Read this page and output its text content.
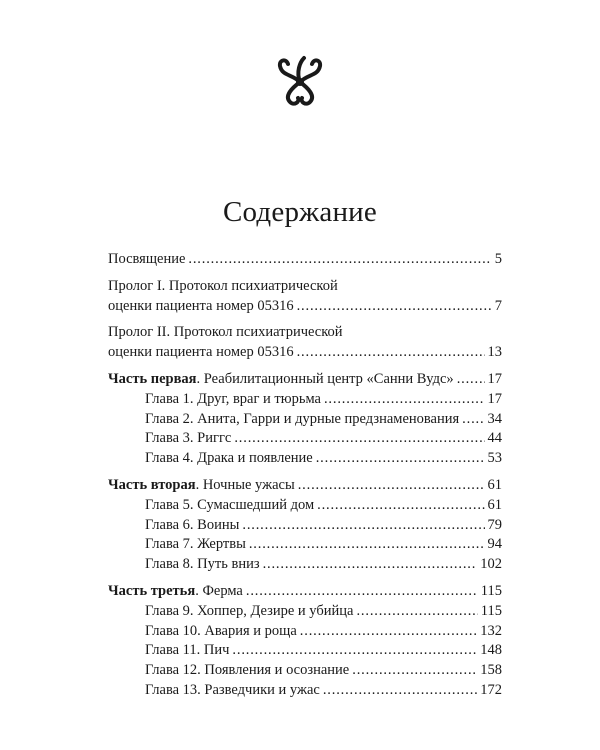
Содержание
Посвящение . . .	5
Пролог I. Протокол психиатрической
оценки пациента номер 05316 . . .	7
Пролог II. Протокол психиатрической
оценки пациента номер 05316 . . .	13
Часть первая. Реабилитационный центр «Санни Вудс» . . . 17
Глава 1. Друг, враг и тюрьма . . .	17
Глава 2. Анита, Гарри и дурные предзнаменования . . . 34
Глава 3. Риггс . . .	44
Глава 4. Драка и появление . . .	53
Часть вторая. Ночные ужасы . . .	61
Глава 5. Сумасшедший дом . . .	61
Глава 6. Воины . . .	79
Глава 7. Жертвы . . .	94
Глава 8. Путь вниз . . .	102
Часть третья. Ферма . . .	115
Глава 9. Хоппер, Дезире и убийца . . .	115
Глава 10. Авария и роща . . .	132
Глава 11. Пич . . .	148
Глава 12. Появления и осознание . . .	158
Глава 13. Разведчики и ужас . . .	172
